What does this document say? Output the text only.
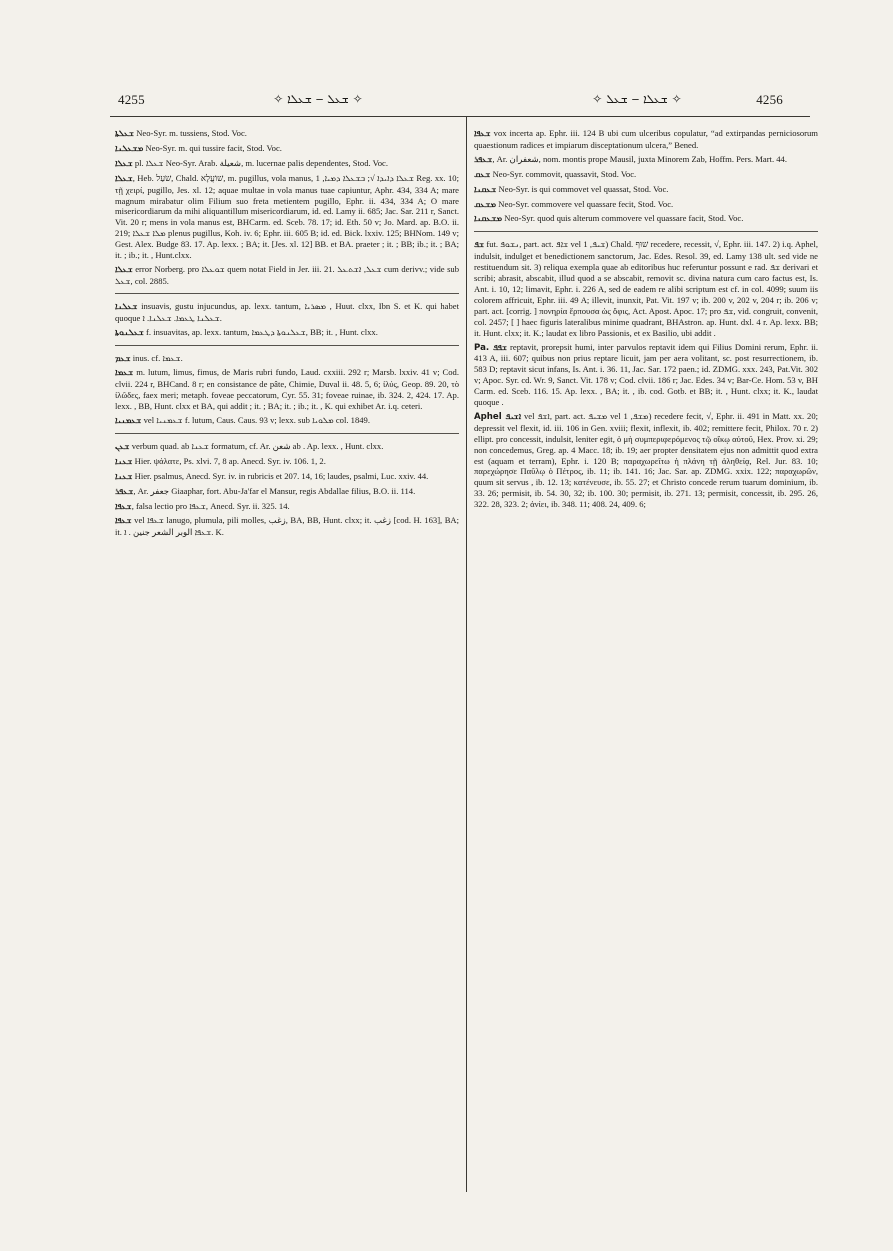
4255	✧ ܫܥܠ ‒ ܫܥܠܐ ✧	✧ ܫܥܠܐ ‒ ܫܥܠ ✧	4256

ܫܥܠܬܐ Neo-Syr. m. tussiens, Stod. Voc.

ܡܫܥܠܢܐ Neo-Syr. m. qui tussire facit, Stod. Voc.

ܫܥܠܐ pl. ܫܥܠܐ Neo-Syr. Arab. شعيلة, m. lucernae palis dependentes, Stod. Voc.

ܫܥܠܐ, Heb. שֹׁעַל, Chald. שׁוֹעֲלָא, m. pugillus, vola manus, ܫܥܠܐ ܕܐܝܕܐ √; ܒܫܥܠܐ ܕܡܝܐ, 1 Reg. xx. 10; τῇ χειρί, pugillo, Jes. xl. 12; aquae multae in vola manus tuae capiuntur, Aphr. 434, 334 A; mare magnum mirabatur olim Filium suo freta metientem pugillo, Ephr. ii. 434, 334 A; O mare misericordiarum da mihi aliquantillum misericordiarum, id. ed. Lamy ii. 685; Jac. Sar. 211 r, Sanct. Vit. 20 r; mens in vola manus est, BHCarm. ed. Sceb. 78. 17; id. Eth. 50 v; Jo. Mard. ap. B.O. ii. 219; ܡܠܐ ܫܥܠܐ plenus pugillus, Koh. iv. 6; Ephr. iii. 605 B; id. ed. Bick. lxxiv. 125; BHNom. 149 v; Gest. Alex. Budge 83. 17. Ap. lexx. ; BA; it. [Jes. xl. 12] BB. et BA. praeter ; it. ; BB; ib.; it. ; BA; it. ; ib.; it. , Hunt.clxx.

ܫܥܠܐ error Norberg. pro ܫܘܥܠܐ quem notat Field in Jer. iii. 21. ܫܥܠ, ܐܫܬܥܠ cum derivv.; vide sub ܫܥܠ, col. 2885.

ܫܥܠܢܐ insuavis, gustu injucundus, ap. lexx. tantum, ܡܣܪܝܐ , Huut. clxx, Ibn S. et K. qui habet quoque ܫܥܠܢܐ ܛܥܡܐ. ܫܥܠܢܐ. ܐ.

ܫܥܠܢܘܬܐ f. insuavitas, ap. lexx. tantum, ܫܥܠܢܘܬܐ ܕܛܥܡܐ, BB; it. , Hunt. clxx.

ܫܥܡ inus. cf. ܫܥܡܐ.

ܫܥܡܐ m. lutum, limus, fimus, de Maris rubri fundo, Laud. cxxiii. 292 r; Marsb. lxxiv. 41 v; Cod. clvii. 224 r, BHCand. 8 r; en consistance de pâte, Chimie, Duval ii. 48. 5, 6; ἰλύς, Geop. 89. 20, τὸ ἰλῶδες, faex meri; metaph. foveae peccatorum, Cyr. 55. 31; foveae ruinae, ib. 324. 2, 424. 17. Ap. lexx. , BB, Hunt. clxx et BA, qui addit ; it. ; BA; it. ; ib.; it. , K. qui exhibet Ar. i.q. ceteri.

ܫܥܡܢܝܐ vel ܫܥܡܢܝܐ f. lutum, Caus. Caus. 93 v; lexx. sub ܡܠܘܝܐ col. 1849.

ܫܥܢ verbum quad. ab ܫܥܢܐ formatum, cf. Ar. شعن ab . Ap. lexx. , Hunt. clxx.

ܫܥܢܐ Hier. ψάλατε, Ps. xlvi. 7, 8 ap. Anecd. Syr. iv. 106. 1, 2.

ܫܥܢܐ Hier. psalmus, Anecd. Syr. iv. in rubricis et 207. 14, 16; laudes, psalmi, Luc. xxiv. 44.

ܫܥܦܪ, Ar. جعفر Giaaphar, fort. Abu-Ja'far el Mansur, regis Abdallae filius, B.O. ii. 114.

ܫܥܦܐ, falsa lectio pro ܫܥܦܐ, Anecd. Syr. ii. 325. 14.

ܫܥܦܐ vel ܫܥܦܐ lanugo, plumula, pili molles, زغب, BA, BB, Hunt. clxx; it. زغب [cod. H. 163], BA; it. ܫܥܦܐ الوبر الشعر جنين . ܐ. K.

ܫܥܦܐ vox incerta ap. Ephr. iii. 124 B ubi cum ulceribus copulatur, “ad extirpandas perniciosorum quaestionum radices et impiarum disceptationum ulcera,” Bened.

ܫܥܦܪ, Ar. شعفران, nom. montis prope Mausil, juxta Minorem Zab, Hoffm. Pers. Mart. 44.

ܫܥܩ Neo-Syr. commovit, quassavit, Stod. Voc.

ܫܥܩܢܐ Neo-Syr. is qui commovet vel quassat, Stod. Voc.

ܡܫܥܩ Neo-Syr. commovere vel quassare fecit, Stod. Voc.

ܡܫܥܩܢܐ Neo-Syr. quod quis alterum commovere vel quassare facit, Stod. Voc.

ܫܦ fut. ܢܫܘܦ, part. act. ܫܐܦ vel ܫܝܦ, 1) Chald. שׁוּף recedere, recessit, √, Ephr. iii. 147. 2) i.q. Aphel, indulsit, indulget et benedictionem sanctorum, Jac. Edes. Resol. 39, ed. Lamy 138 ult. sed vide ne restituendum sit. 3) reliqua exempla quae ab editoribus huc referuntur possunt e rad. ܫܦ derivari et scribi; abrasit, abscabit, illud quod a se abscabit, removit sc. divina natura cum caro factus est, Is. Ant. i. 10, 12; limavit, Ephr. i. 226 A, sed de eadem re alibi scriptum est cf. in col. 4099; suum iis colorem affricuit, Ephr. iii. 49 A; illevit, inunxit, Pat. Vit. 197 v; ib. 200 v, 202 v, 204 r; ib. 206 v; part. act. [corrig. ] πονηρία ἕρπουσα ὡς ὄφις, Act. Apost. Apoc. 17; pro ܫܦ, vid. congruit, convenit, col. 2457; [ ] haec figuris lateralibus minime quadrant, BHAstron. ap. Hunt. dxl. 4 r. Ap. lexx. BB; it. Hunt. clxx; it. K.; laudat ex libro Passionis, et ex Basilio, ubi addit .

Pa. ܫܦܦ reptavit, prorepsit humi, inter parvulos reptavit idem qui Filius Domini rerum, Ephr. ii. 413 A, iii. 607; quibus non prius reptare licuit, jam per aera volitant, sc. post resurrectionem, ib. 583 D; reptavit sicut infans, Is. Ant. i. 36. 11, Jac. Sar. 172 paen.; id. ZDMG. xxx. 243, Pat.Vit. 302 v; Apoc. Syr. cd. Wr. 9, Sanct. Vit. 178 v; Cod. clvii. 186 r; Jac. Edes. 34 v; Bar-Ce. Hom. 53 v, BH Carm. ed. Sceb. 116. 15. Ap. lexx. , BA; it. , ib. cod. Gotb. et BB; it. , Hunt. clxx; it. K., laudat quoque .

Aphel ܐܫܝܦ vel ܐܫܦ, part. act. ܡܫܝܦ vel ܡܫܦ, 1) recedere fecit, √, Ephr. ii. 491 in Matt. xx. 20; depressit vel flexit, id. iii. 106 in Gen. xviii; flexit, inflexit, ib. 402; remittere fecit, Philox. 70 r. 2) ellipt. pro concessit, indulsit, leniter egit, ὁ μὴ συμπεριφερόμενος τῷ οἴκῳ αὐτοῦ, Hex. Prov. xi. 29; non concedemus, Greg. ap. 4 Macc. 18; ib. 19; aer propter densitatem ejus non admittit quod extra est (aquam et terram), Ephr. i. 120 B; παραχωρεῖτω ἡ πλάνη τῇ ἀληθείᾳ, Rel. Jur. 83. 10; παρεχώρησε Παῦλῳ ὁ Πέτρος, ib. 11; ib. 141. 16; Jac. Sar. ap. ZDMG. xxix. 122; παραχωρῶν, quum sit servus , ib. 12. 13; κατένευσε, ib. 55. 27; et Christo concede rerum tuarum dominium, ib. 33. 26; permisit, ib. 54. 30, 32; ib. 100. 30; permisit, ib. 271. 13; permisit, concessit, ib. 295. 26, 322. 28, 323. 2; ἀνίει, ib. 348. 11; 408. 24, 409. 6;
